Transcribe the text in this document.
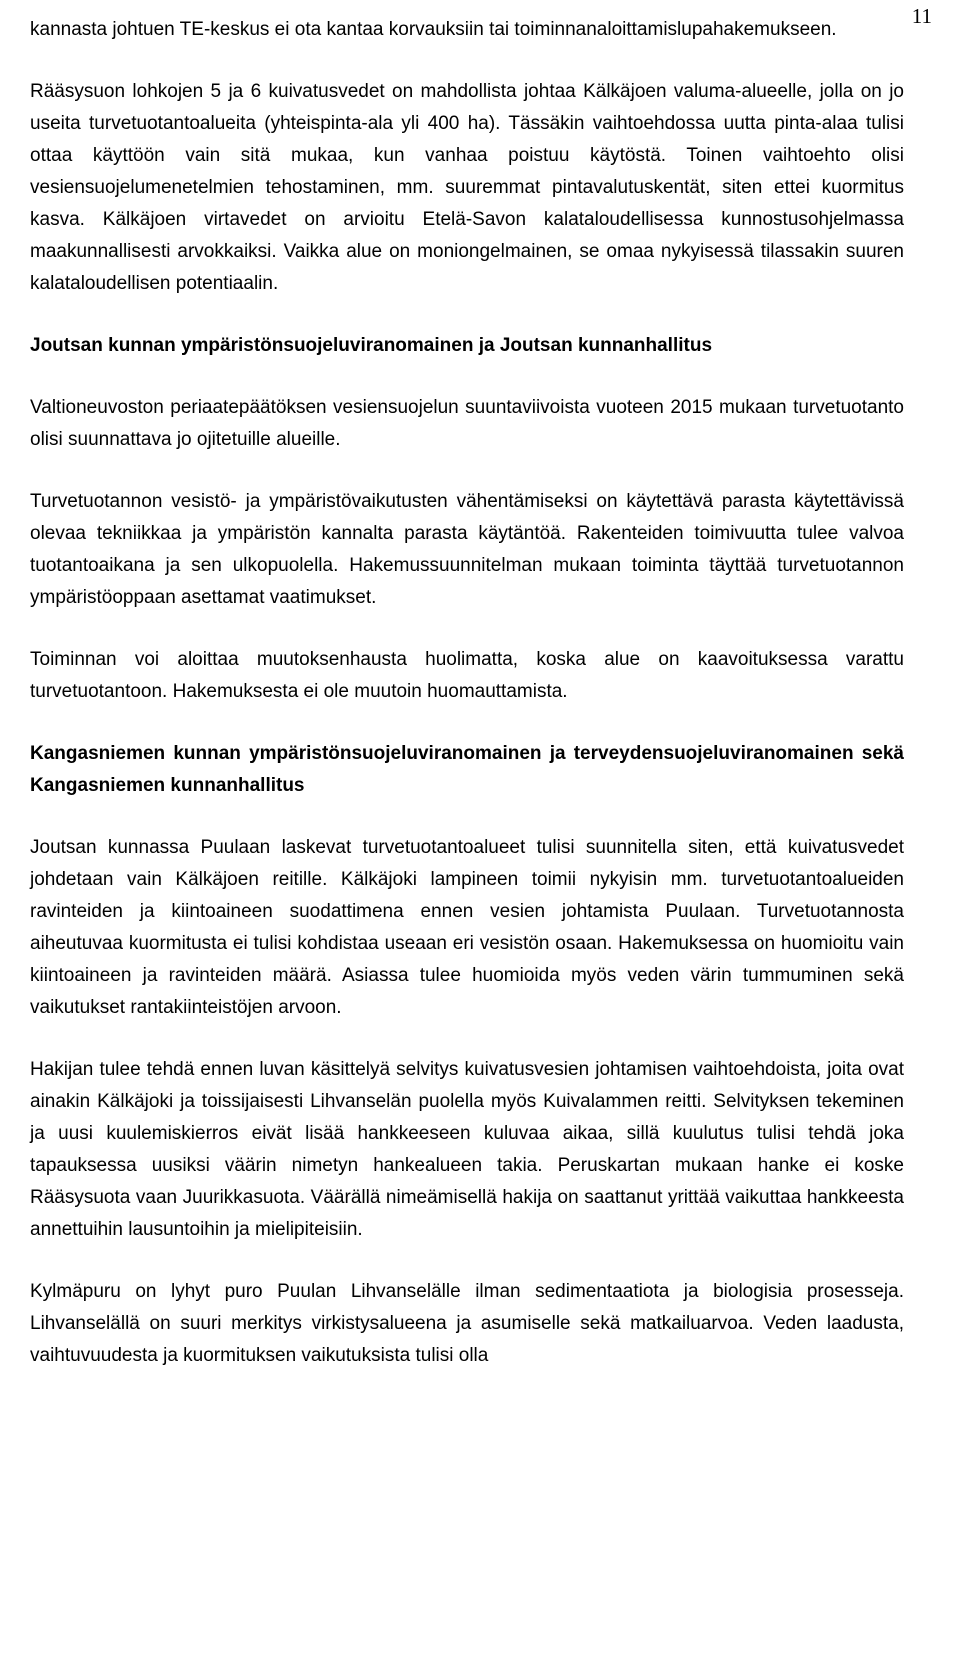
11

kannasta johtuen TE-keskus ei ota kantaa korvauksiin tai toiminnanaloittamislupahakemukseen.

Rääsysuon lohkojen 5 ja 6 kuivatusvedet on mahdollista johtaa Kälkäjoen valuma-alueelle, jolla on jo useita turvetuotantoalueita (yhteispinta-ala yli 400 ha). Tässäkin vaihtoehdossa uutta pinta-alaa tulisi ottaa käyttöön vain sitä mukaa, kun vanhaa poistuu käytöstä. Toinen vaihtoehto olisi vesiensuojelumenetelmien tehostaminen, mm. suuremmat pintavalutuskentät, siten ettei kuormitus kasva. Kälkäjoen virtavedet on arvioitu Etelä-Savon kalataloudellisessa kunnostusohjelmassa maakunnallisesti arvokkaiksi. Vaikka alue on moniongelmainen, se omaa nykyisessä tilassakin suuren kalataloudellisen potentiaalin.

Joutsan kunnan ympäristönsuojeluviranomainen ja Joutsan kunnanhallitus

Valtioneuvoston periaatepäätöksen vesiensuojelun suuntaviivoista vuoteen 2015 mukaan turvetuotanto olisi suunnattava jo ojitetuille alueille.

Turvetuotannon vesistö- ja ympäristövaikutusten vähentämiseksi on käytettävä parasta käytettävissä olevaa tekniikkaa ja ympäristön kannalta parasta käytäntöä. Rakenteiden toimivuutta tulee valvoa tuotantoaikana ja sen ulkopuolella. Hakemussuunnitelman mukaan toiminta täyttää turvetuotannon ympäristöoppaan asettamat vaatimukset.

Toiminnan voi aloittaa muutoksenhausta huolimatta, koska alue on kaavoituksessa varattu turvetuotantoon. Hakemuksesta ei ole muutoin huomauttamista.

Kangasniemen kunnan ympäristönsuojeluviranomainen ja terveydensuojeluviranomainen sekä Kangasniemen kunnanhallitus

Joutsan kunnassa Puulaan laskevat turvetuotantoalueet tulisi suunnitella siten, että kuivatusvedet johdetaan vain Kälkäjoen reitille. Kälkäjoki lampineen toimii nykyisin mm. turvetuotantoalueiden ravinteiden ja kiintoaineen suodattimena ennen vesien johtamista Puulaan. Turvetuotannosta aiheutuvaa kuormitusta ei tulisi kohdistaa useaan eri vesistön osaan. Hakemuksessa on huomioitu vain kiintoaineen ja ravinteiden määrä. Asiassa tulee huomioida myös veden värin tummuminen sekä vaikutukset rantakiinteistöjen arvoon.

Hakijan tulee tehdä ennen luvan käsittelyä selvitys kuivatusvesien johtamisen vaihtoehdoista, joita ovat ainakin Kälkäjoki ja toissijaisesti Lihvanselän puolella myös Kuivalammen reitti. Selvityksen tekeminen ja uusi kuulemiskierros eivät lisää hankkeeseen kuluvaa aikaa, sillä kuulutus tulisi tehdä joka tapauksessa uusiksi väärin nimetyn hankealueen takia. Peruskartan mukaan hanke ei koske Rääsysuota vaan Juurikkasuota. Väärällä nimeämisellä hakija on saattanut yrittää vaikuttaa hankkeesta annettuihin lausuntoihin ja mielipiteisiin.

Kylmäpuru on lyhyt puro Puulan Lihvanselälle ilman sedimentaatiota ja biologisia prosesseja. Lihvanselällä on suuri merkitys virkistysalueena ja asumiselle sekä matkailuarvoa. Veden laadusta, vaihtuvuudesta ja kuormituksen vaikutuksista tulisi olla
